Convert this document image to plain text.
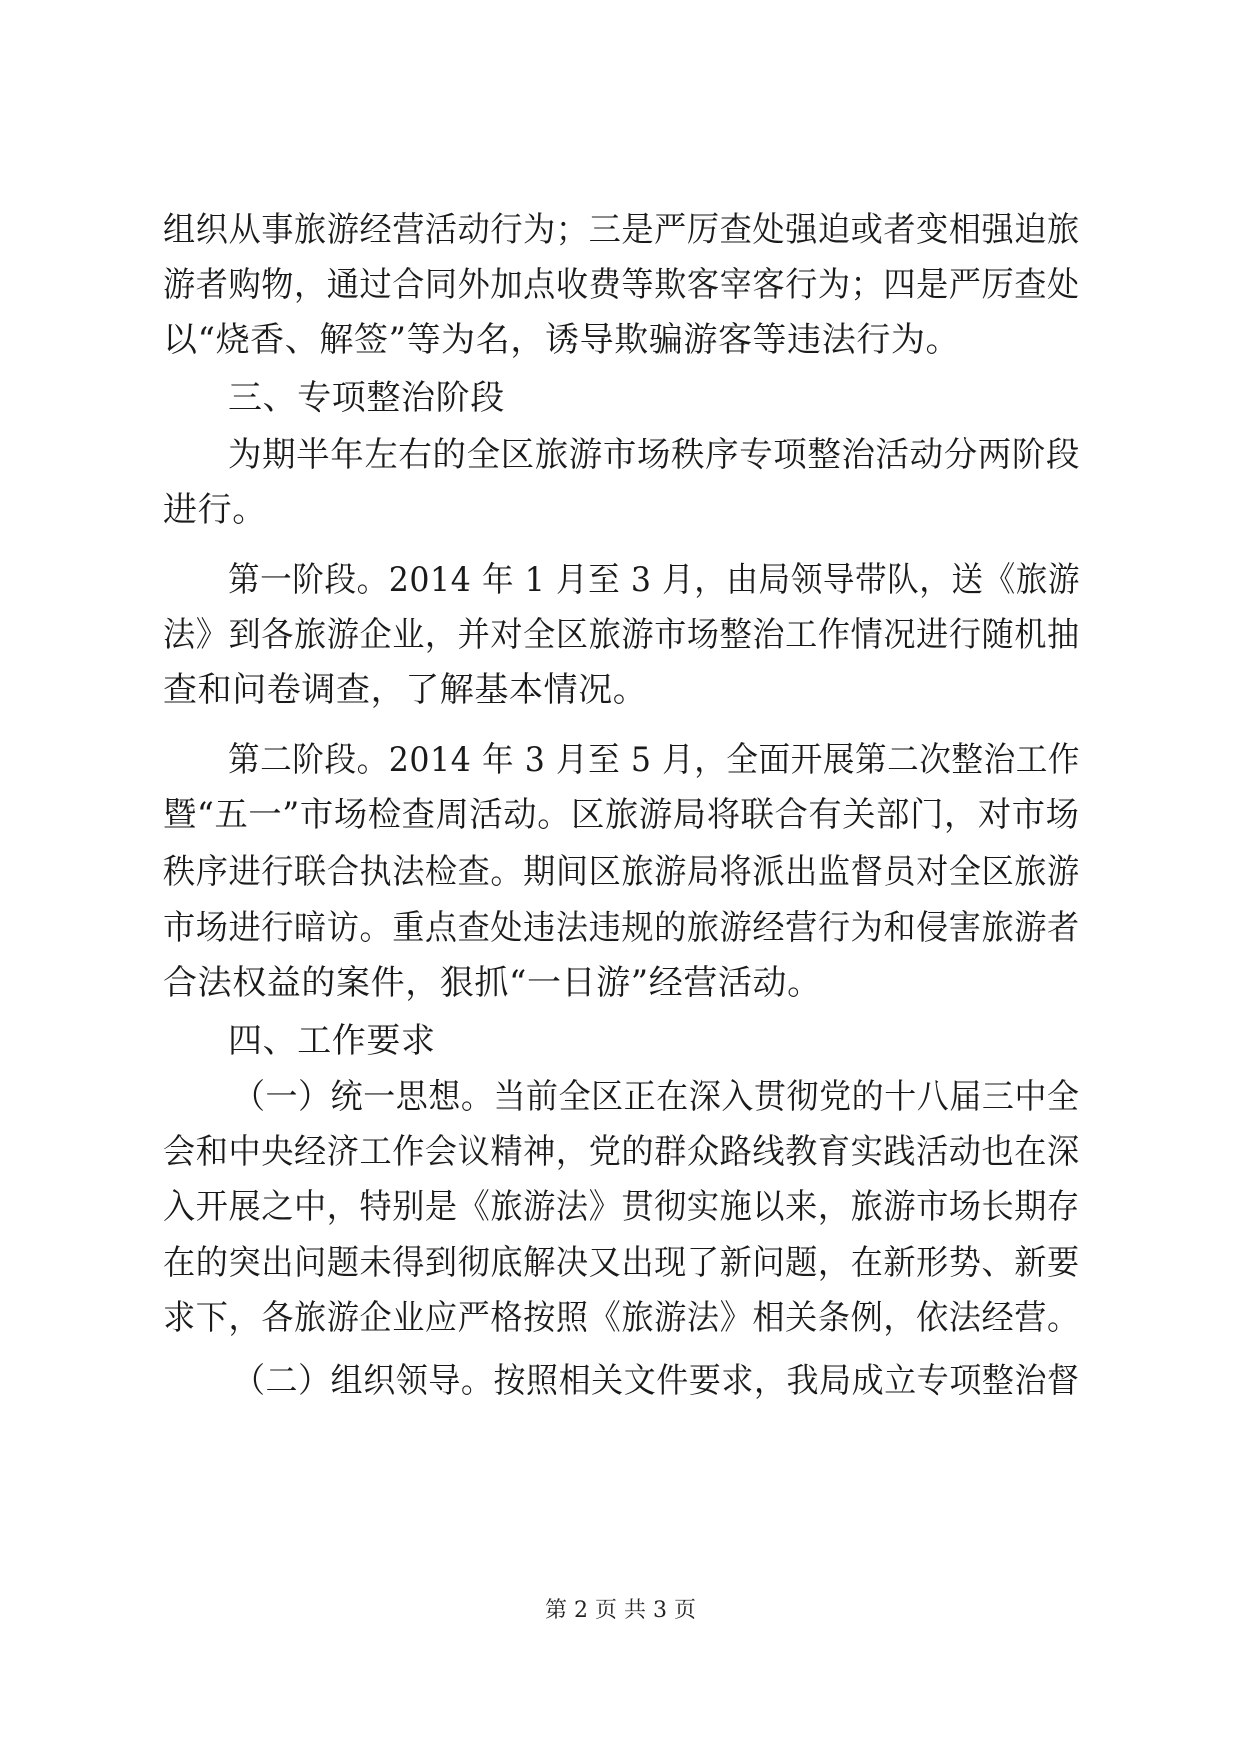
组织从事旅游经营活动行为；三是严厉查处强迫或者变相强迫旅
游者购物，通过合同外加点收费等欺客宰客行为；四是严厉查处
以“烧香、解签”等为名，诱导欺骗游客等违法行为。
三、专项整治阶段
为期半年左右的全区旅游市场秩序专项整治活动分两阶段
进行。
第一阶段。2014 年 1 月至 3 月，由局领导带队，送《旅游
法》到各旅游企业，并对全区旅游市场整治工作情况进行随机抽
查和问卷调查，了解基本情况。
第二阶段。2014 年 3 月至 5 月，全面开展第二次整治工作
暨“五一”市场检查周活动。区旅游局将联合有关部门，对市场
秩序进行联合执法检查。期间区旅游局将派出监督员对全区旅游
市场进行暗访。重点查处违法违规的旅游经营行为和侵害旅游者
合法权益的案件，狠抓“一日游”经营活动。
四、工作要求
（一）统一思想。当前全区正在深入贯彻党的十八届三中全
会和中央经济工作会议精神，党的群众路线教育实践活动也在深
入开展之中，特别是《旅游法》贯彻实施以来，旅游市场长期存
在的突出问题未得到彻底解决又出现了新问题，在新形势、新要
求下，各旅游企业应严格按照《旅游法》相关条例，依法经营。
（二）组织领导。按照相关文件要求，我局成立专项整治督
第 2 页 共 3 页
